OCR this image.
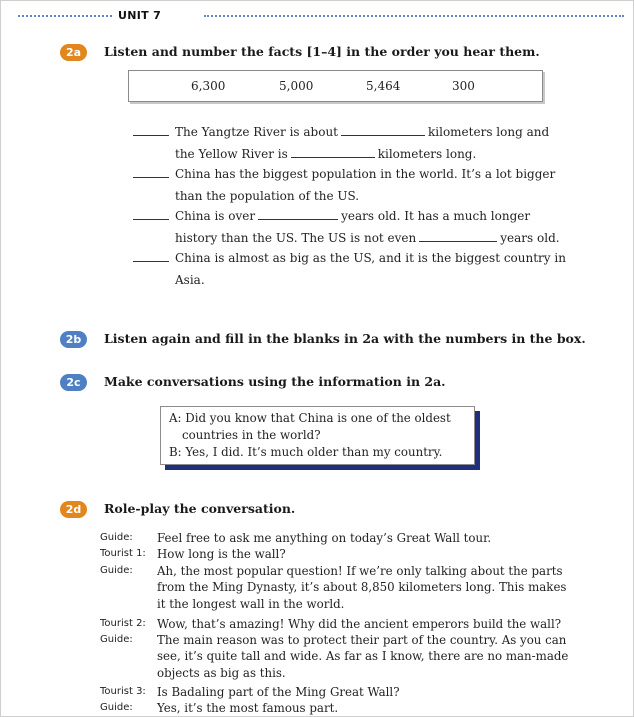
UNIT 7
2a	Listen and number the facts [1–4] in the order you hear them.
6,300	5,000	5,464	300
The Yangtze River is about	kilometers long and
the Yellow River is	kilometers long.
China has the biggest population in the world. It’s a lot bigger
than the population of the US.
China is over	years old. It has a much longer
history than the US. The US is not even	years old.
China is almost as big as the US, and it is the biggest country in
Asia.
2b	Listen again and fill in the blanks in 2a with the numbers in the box.
2c	Make conversations using the information in 2a.
A: Did you know that China is one of the oldest
countries in the world?
B: Yes, I did. It’s much older than my country.
2d	Role-play the conversation.
Guide:	Feel free to ask me anything on today’s Great Wall tour.
Tourist 1: How long is the wall?
Guide:	Ah, the most popular question! If we’re only talking about the parts
from the Ming Dynasty, it’s about 8,850 kilometers long. This makes
it the longest wall in the world.
Tourist 2: Wow, that’s amazing! Why did the ancient emperors build the wall?
Guide:	The main reason was to protect their part of the country. As you can
see, it’s quite tall and wide. As far as I know, there are no man-made
objects as big as this.
Tourist 3: Is Badaling part of the Ming Great Wall?
Guide:	Yes, it’s the most famous part.
